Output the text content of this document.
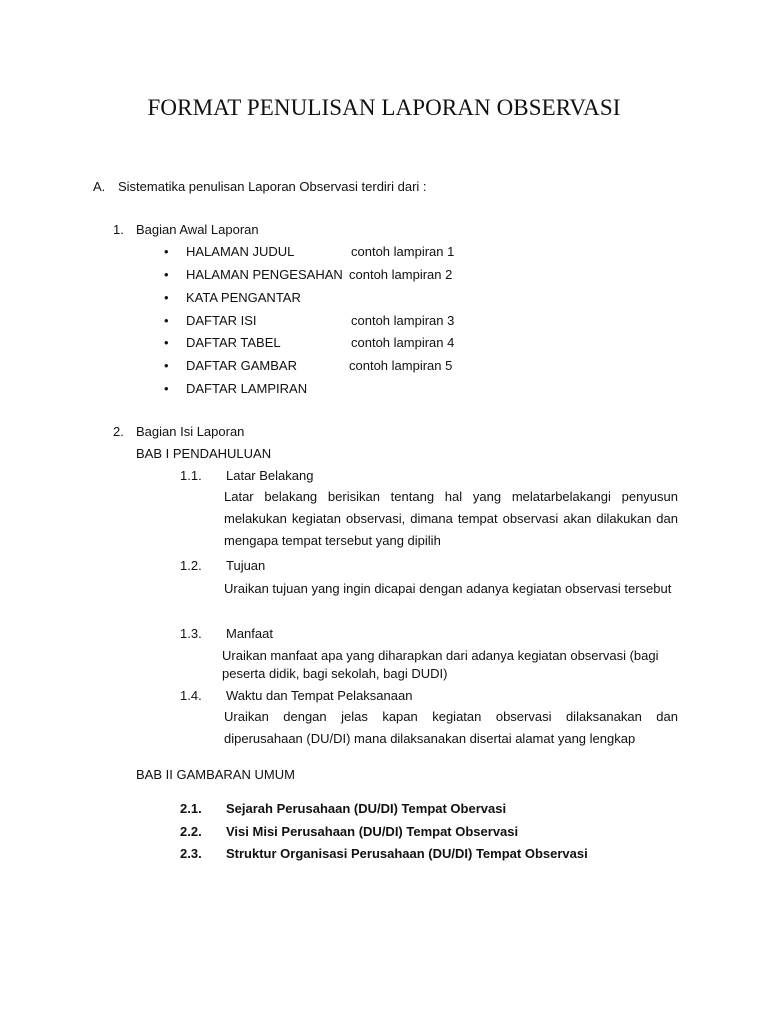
FORMAT PENULISAN LAPORAN OBSERVASI
A. Sistematika penulisan Laporan Observasi terdiri dari :
1. Bagian Awal Laporan
• HALAMAN JUDUL	contoh lampiran 1
• HALAMAN PENGESAHAN contoh lampiran 2
• KATA PENGANTAR
• DAFTAR ISI	contoh lampiran 3
• DAFTAR TABEL	contoh lampiran 4
• DAFTAR GAMBAR	contoh lampiran 5
• DAFTAR LAMPIRAN
2. Bagian Isi Laporan
BAB I PENDAHULUAN
1.1. Latar Belakang
Latar belakang berisikan tentang hal yang melatarbelakangi penyusun melakukan kegiatan observasi, dimana tempat observasi akan dilakukan dan mengapa tempat tersebut yang dipilih
1.2. Tujuan
Uraikan tujuan yang ingin dicapai dengan adanya kegiatan observasi tersebut
1.3. Manfaat
Uraikan manfaat apa yang diharapkan dari adanya kegiatan observasi (bagi peserta didik, bagi sekolah, bagi DUDI)
1.4. Waktu dan Tempat Pelaksanaan
Uraikan dengan jelas kapan kegiatan observasi dilaksanakan dan diperusahaan (DU/DI) mana dilaksanakan disertai alamat yang lengkap
BAB II GAMBARAN UMUM
2.1. Sejarah Perusahaan (DU/DI) Tempat Obervasi
2.2. Visi Misi Perusahaan (DU/DI) Tempat Observasi
2.3. Struktur Organisasi Perusahaan (DU/DI) Tempat Observasi
